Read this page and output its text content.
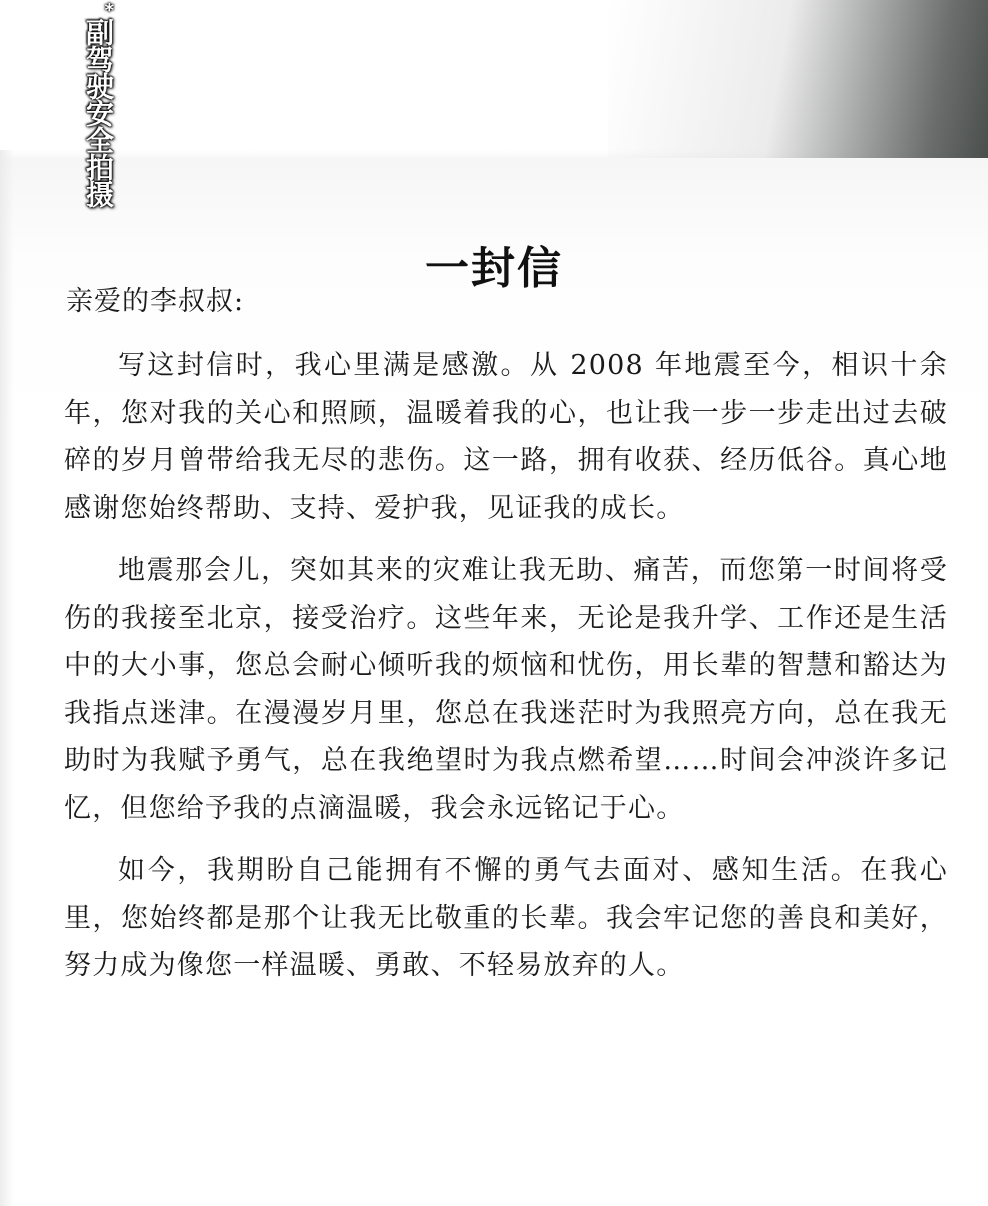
*
副驾驶安全拍摄
一封信

亲爱的李叔叔:

写这封信时，我心里满是感激。从 2008 年地震至今，相识十余年，您对我的关心和照顾，温暖着我的心，也让我一步一步走出过去破碎的岁月曾带给我无尽的悲伤。这一路，拥有收获、经历低谷。真心地感谢您始终帮助、支持、爱护我，见证我的成长。

地震那会儿，突如其来的灾难让我无助、痛苦，而您第一时间将受伤的我接至北京，接受治疗。这些年来，无论是我升学、工作还是生活中的大小事，您总会耐心倾听我的烦恼和忧伤，用长辈的智慧和豁达为我指点迷津。在漫漫岁月里，您总在我迷茫时为我照亮方向，总在我无助时为我赋予勇气，总在我绝望时为我点燃希望……时间会冲淡许多记忆，但您给予我的点滴温暖，我会永远铭记于心。

如今，我期盼自己能拥有不懈的勇气去面对、感知生活。在我心里，您始终都是那个让我无比敬重的长辈。我会牢记您的善良和美好，努力成为像您一样温暖、勇敢、不轻易放弃的人。
